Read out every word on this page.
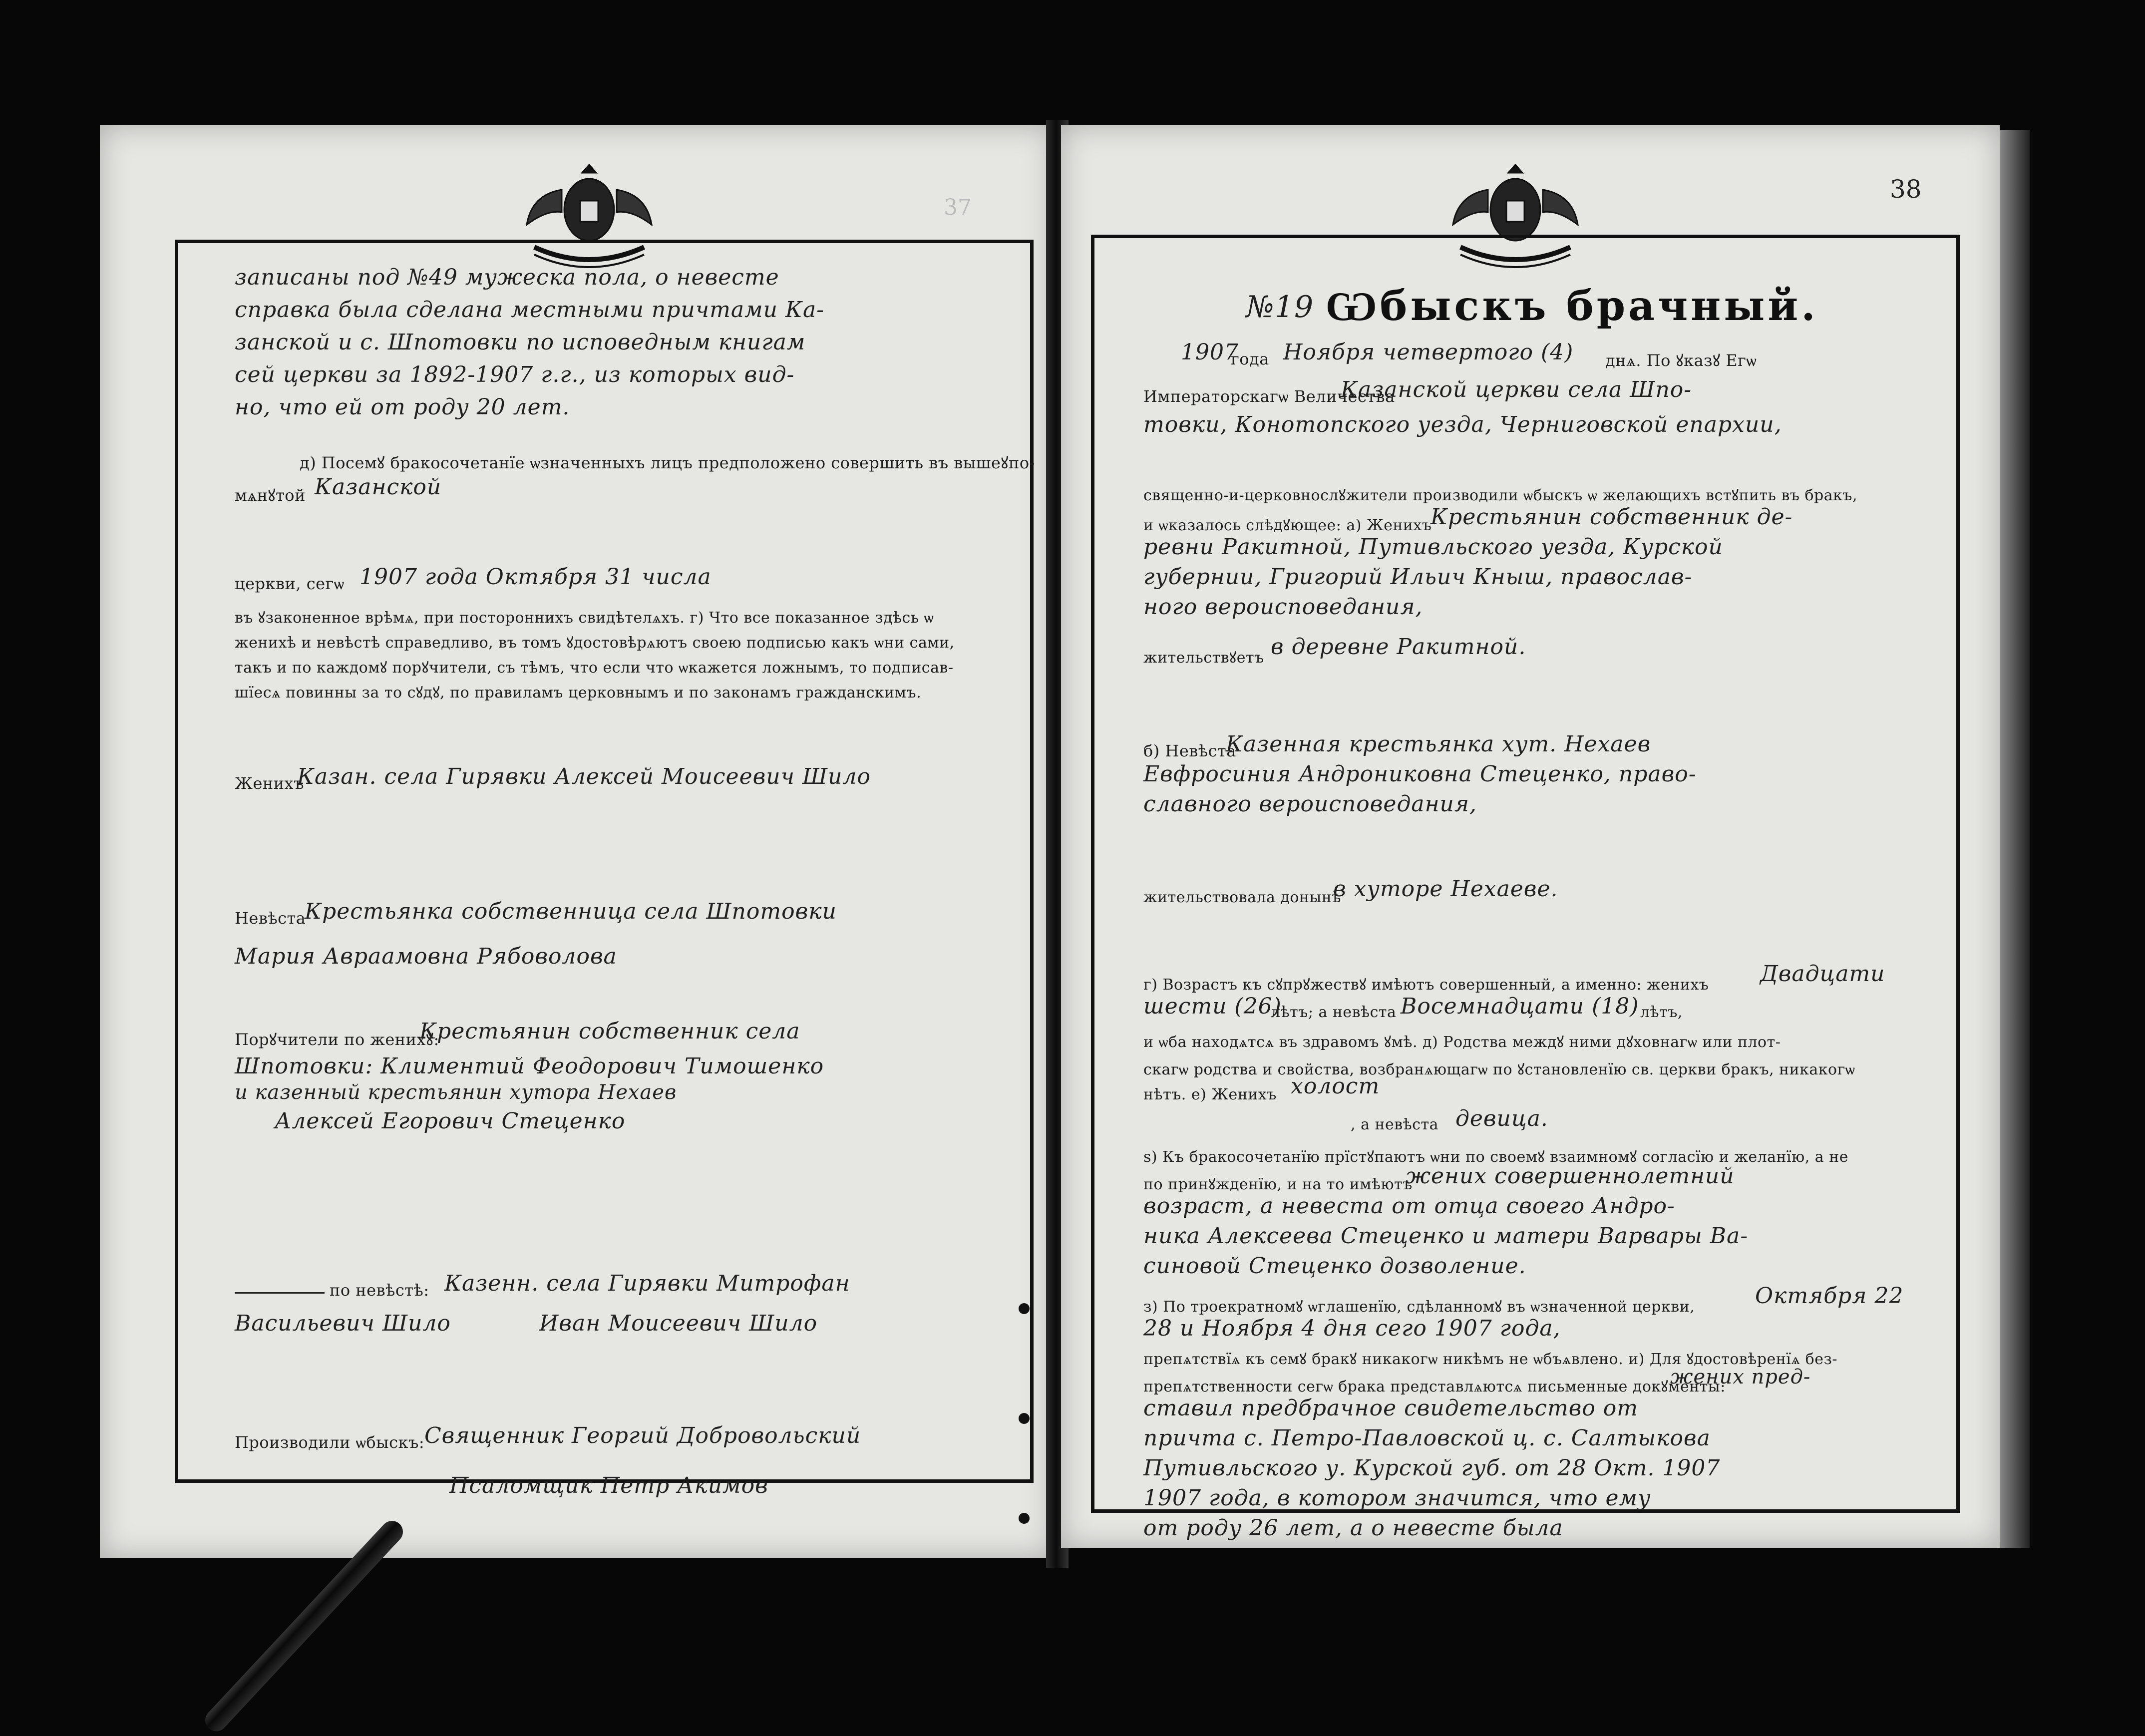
37
записаны под №49 мужеска пола, о невесте
справка была сделана местными причтами Ка-
занской и с. Шпотовки по исповедным книгам
сей церкви за 1892-1907 г.г., из которых вид-
но, что ей от роду 20 лет.
д) Посемꙋ бракосочетанїе ѡзначенныхъ лицъ предположено совершить въ вышеꙋпо-
мѧнꙋтой Казанской
церкви, сегѡ 1907 года Октября 31 числа
въ ꙋзаконенное врѣмѧ, при постороннихъ свидѣтелѧхъ. г) Что все показанное здѣсь ѡ
женихѣ и невѣстѣ справедливо, въ томъ ꙋдостовѣрѧютъ своею подписью какъ ѡни сами,
такъ и по каждомꙋ порꙋчители, съ тѣмъ, что если что ѡкажется ложнымъ, то подписав-
шїесѧ повинны за то сꙋдꙋ, по правиламъ церковнымъ и по законамъ гражданскимъ.
Женихъ
Казан. села Гирявки Алексей Моисеевич Шило
Невѣста
Крестьянка собственница села Шпотовки
Мария Авраамовна Рябоволова
Порꙋчители по женихꙋ:
Крестьянин собственник села
Шпотовки: Климентий Феодорович Тимошенко
и казенный крестьянин хутора Нехаев
Алексей Егорович Стеценко
по невѣстѣ: Казенн. села Гирявки Митрофан
Васильевич Шило	Иван Моисеевич Шило
Производили ѡбыскъ: Священник Георгий Добровольский
Псаломщик Петр Акимов
38
№19 Ѡбыскъ брачный.
1907
года Ноября четвертого (4) днѧ. По ꙋказꙋ Егѡ
Императорскагѡ Величества
Казанской церкви села Шпо-
товки, Конотопского уезда, Черниговской епархии,
священно-и-церковнослꙋжители производили ѡбыскъ ѡ желающихъ встꙋпить въ бракъ,
и ѡказалось слѣдꙋющее: а) Женихъ
Крестьянин собственник де-
ревни Ракитной, Путивльского уезда, Курской
губернии, Григорий Ильич Кныш, православ-
ного вероисповедания,
жительствꙋетъ в деревне Ракитной.
б) Невѣста
Казенная крестьянка хут. Нехаев
Евфросиния Андрониковна Стеценко, право-
славного вероисповедания,
жительствовала донынѣ
в хуторе Нехаеве.
г) Возрастъ къ сꙋпрꙋжествꙋ имѣютъ совершенный, а именно: женихъ Двадцати
шести (26)
лѣтъ; а невѣста Восемнадцати (18) лѣтъ,
и ѡба находѧтсѧ въ здравомъ ꙋмѣ. д) Родства междꙋ ними дꙋховнагѡ или плот-
скагѡ родства и свойства, возбранѧющагѡ по ꙋстановленїю св. церкви бракъ, никакогѡ
нѣтъ. е) Женихъ холост
, а невѣста девица.
ѕ) Къ бракосочетанїю прїстꙋпаютъ ѡни по своемꙋ взаимномꙋ согласїю и желанїю, а не
по принꙋжденїю, и на то имѣютъ
жених совершеннолетний
возраст, а невеста от отца своего Андро-
ника Алексеева Стеценко и матери Варвары Ва-
синовой Стеценко дозволение.
з) По троекратномꙋ ѡглашенїю, сдѣланномꙋ въ ѡзначенной церкви,	Октября 22
28 и Ноября 4 дня сего 1907 года,
препѧтствїѧ къ семꙋ бракꙋ никакогѡ никѣмъ не ѡбъѧвлено. и) Для ꙋдостовѣренїѧ без-
препѧтственности сегѡ брака представлѧютсѧ письменные докꙋменты:
жених пред-
ставил предбрачное свидетельство от
причта с. Петро-Павловской ц. с. Салтыкова
Путивльского у. Курской губ. от 28 Окт. 1907
1907 года, в котором значится, что ему
от роду 26 лет, а о невесте была
